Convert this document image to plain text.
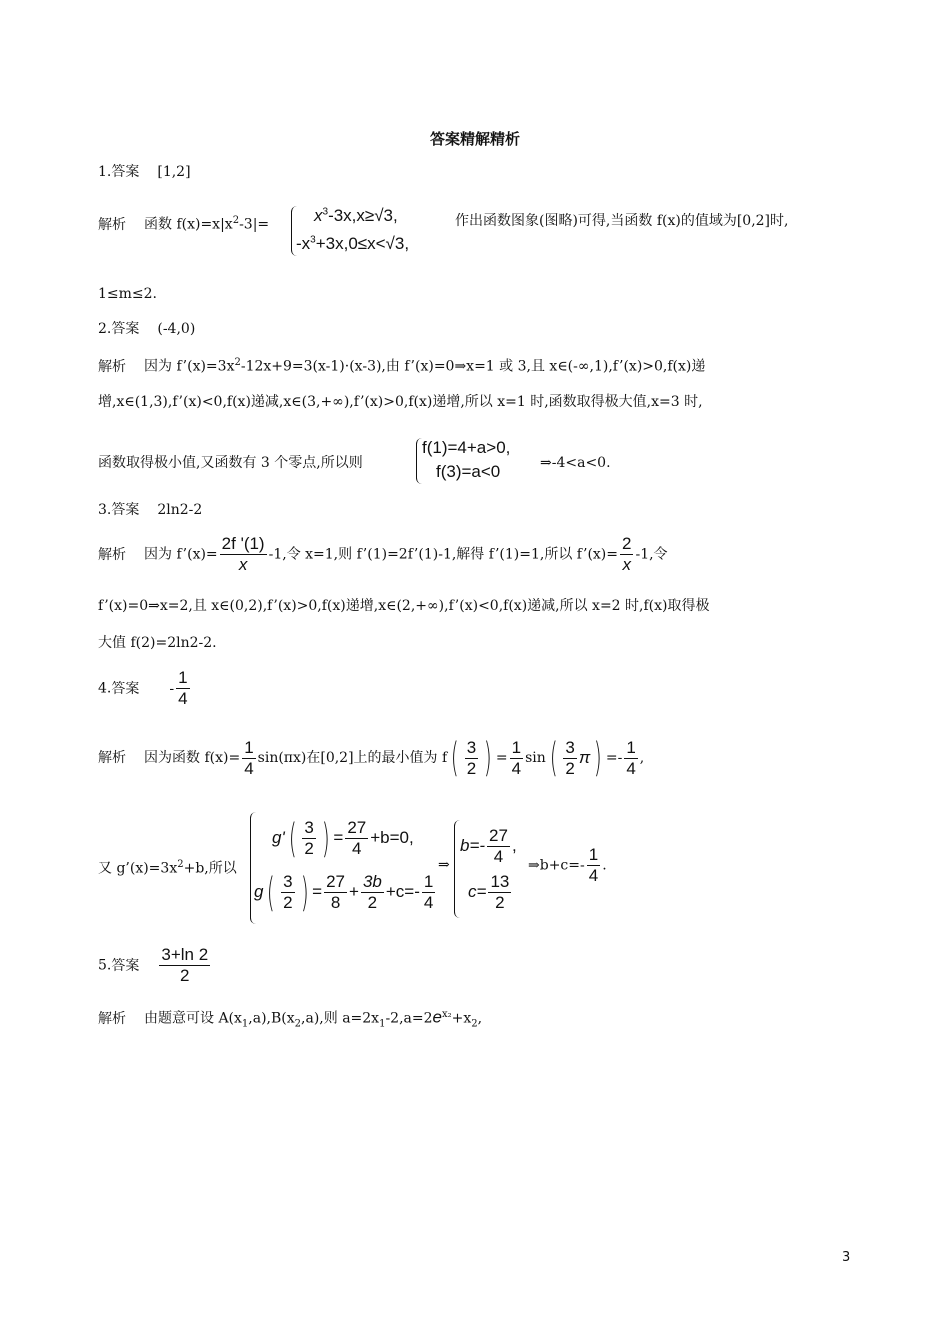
答案精解精析
1.答案 [1,2]
解析 函数 $f(x)=x|x^2-3|=$	$x^3-3x,x\ge√3$,
$-x^3+3x,0\le x<√3$,
作出函数图象(图略)可得,当函数 f(x)的值域为[0,2]时,
1≤m≤2.
2.答案 (-4,0)
解析 因为 $f’(x)=3x^2-12x+9=3(x-1)\cdot(x-3)$,由 f’(x)=0⇒x=1 或 3,且 x∈(-∞,1),f’(x)>0,f(x)递
增,x∈(1,3),f’(x)<0,f(x)递减,x∈(3,+∞),f’(x)>0,f(x)递增,所以 x=1 时,函数取得极大值,x=3 时,
函数取得极小值,又函数有 3 个零点,所以则
f(1)=4+a>0,
f(3)=a<0	⇒-4<a<0.
3.答案 2ln2-2
解析 因为 f’(x)= $\frac{2f '(1)}{x} -1$,令 x=1,则 f’(1)=2f’(1)-1,解得 f’(1)=1,所以 f’(x)= $\frac{2}{x} -1$,令
f’(x)=0⇒x=2,且 x∈(0,2),f’(x)>0,f(x)递增,x∈(2,+∞),f’(x)<0,f(x)递减,所以 x=2 时,f(x)取得极
大值 f(2)=2ln2-2.
4.答案 - $\frac{1}{4}$
解析 因为函数 $f(x)= \frac{1}{4} \sin(\pi x)$在[0,2]上的最小值为 f ( $\frac{3}{2}$ ) = $\frac{1}{4}$ sin ( $\frac{3}{2}$ π ) =- $\frac{1}{4}$ ,
又 $g’(x)=3x^2+b$,所以
g' ( $\frac{3}{2}$ ) = $\frac{27}{4} +b=0$,
g ( $\frac{3}{2}$ ) = $\frac{27}{8} + \frac{3b}{2} +c=- \frac{1}{4}$
⇒
$b=- \frac{27}{4}$ ,
$c= \frac{13}{2}$
⇒b+c=- $\frac{1}{4}$ .
5.答案 $\frac{3+\ln 2}{2}$
解析 由题意可设 $A(x_1,a),B(x_2,a)$,则 $a=2x_1-2,a=2e^{x_2}+x_2$,
3
